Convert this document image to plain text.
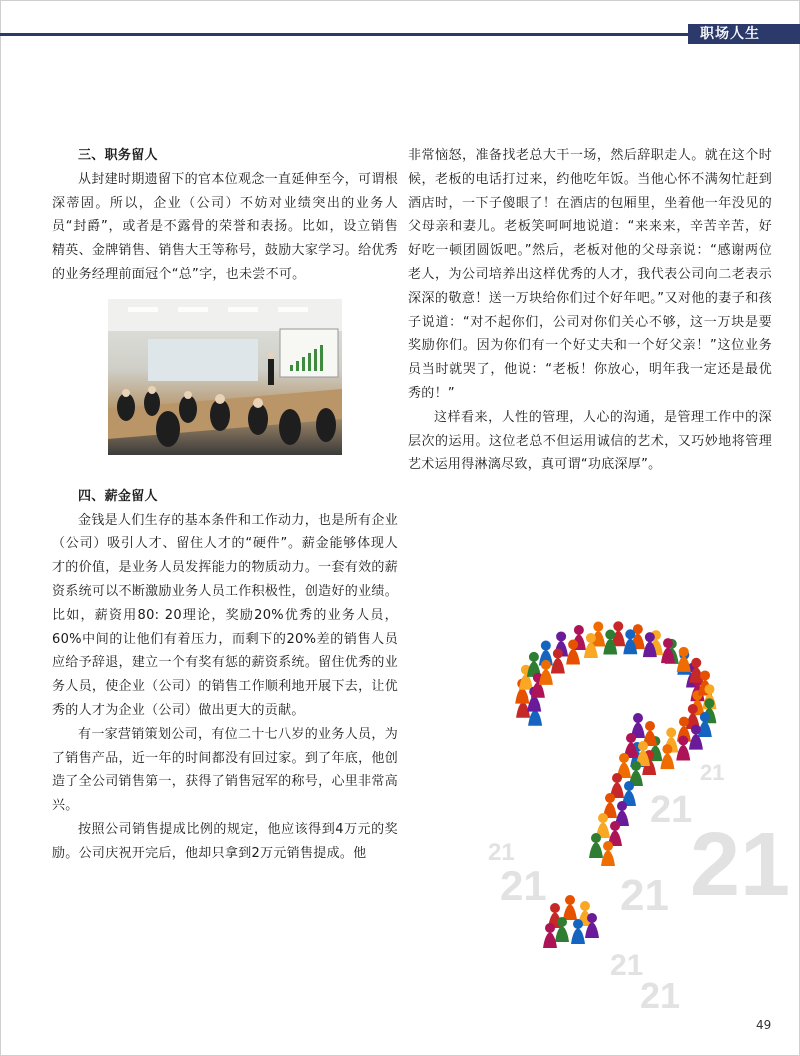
职场人生

三、职务留人

从封建时期遗留下的官本位观念一直延伸至今，可谓根深蒂固。所以，企业（公司）不妨对业绩突出的业务人员“封爵”，或者是不露骨的荣誉和表扬。比如，设立销售精英、金牌销售、销售大王等称号，鼓励大家学习。给优秀的业务经理前面冠个“总”字，也未尝不可。

四、薪金留人

金钱是人们生存的基本条件和工作动力，也是所有企业（公司）吸引人才、留住人才的“硬件”。薪金能够体现人才的价值，是业务人员发挥能力的物质动力。一套有效的薪资系统可以不断激励业务人员工作积极性，创造好的业绩。比如，薪资用80: 20理论，奖励20%优秀的业务人员，60%中间的让他们有着压力，而剩下的20%差的销售人员应给予辞退，建立一个有奖有惩的薪资系统。留住优秀的业务人员，使企业（公司）的销售工作顺利地开展下去，让优秀的人才为企业（公司）做出更大的贡献。

有一家营销策划公司，有位二十七八岁的业务人员，为了销售产品，近一年的时间都没有回过家。到了年底，他创造了全公司销售第一，获得了销售冠军的称号，心里非常高兴。

按照公司销售提成比例的规定，他应该得到4万元的奖励。公司庆祝开完后，他却只拿到2万元销售提成。他

非常恼怒，准备找老总大干一场，然后辞职走人。就在这个时候，老板的电话打过来，约他吃年饭。当他心怀不满匆忙赶到酒店时，一下子傻眼了！在酒店的包厢里，坐着他一年没见的父母亲和妻儿。老板笑呵呵地说道：“来来来，辛苦辛苦，好好吃一顿团圆饭吧。”然后，老板对他的父母亲说：“感谢两位老人，为公司培养出这样优秀的人才，我代表公司向二老表示深深的敬意！送一万块给你们过个好年吧。”又对他的妻子和孩子说道：“对不起你们，公司对你们关心不够，这一万块是要奖励你们。因为你们有一个好丈夫和一个好父亲！”这位业务员当时就哭了，他说：“老板！你放心，明年我一定还是最优秀的！”

这样看来，人性的管理，人心的沟通，是管理工作中的深层次的运用。这位老总不但运用诚信的艺术，又巧妙地将管理艺术运用得淋漓尽致，真可谓“功底深厚”。

21
21
21
21
21 21
21
21
49
